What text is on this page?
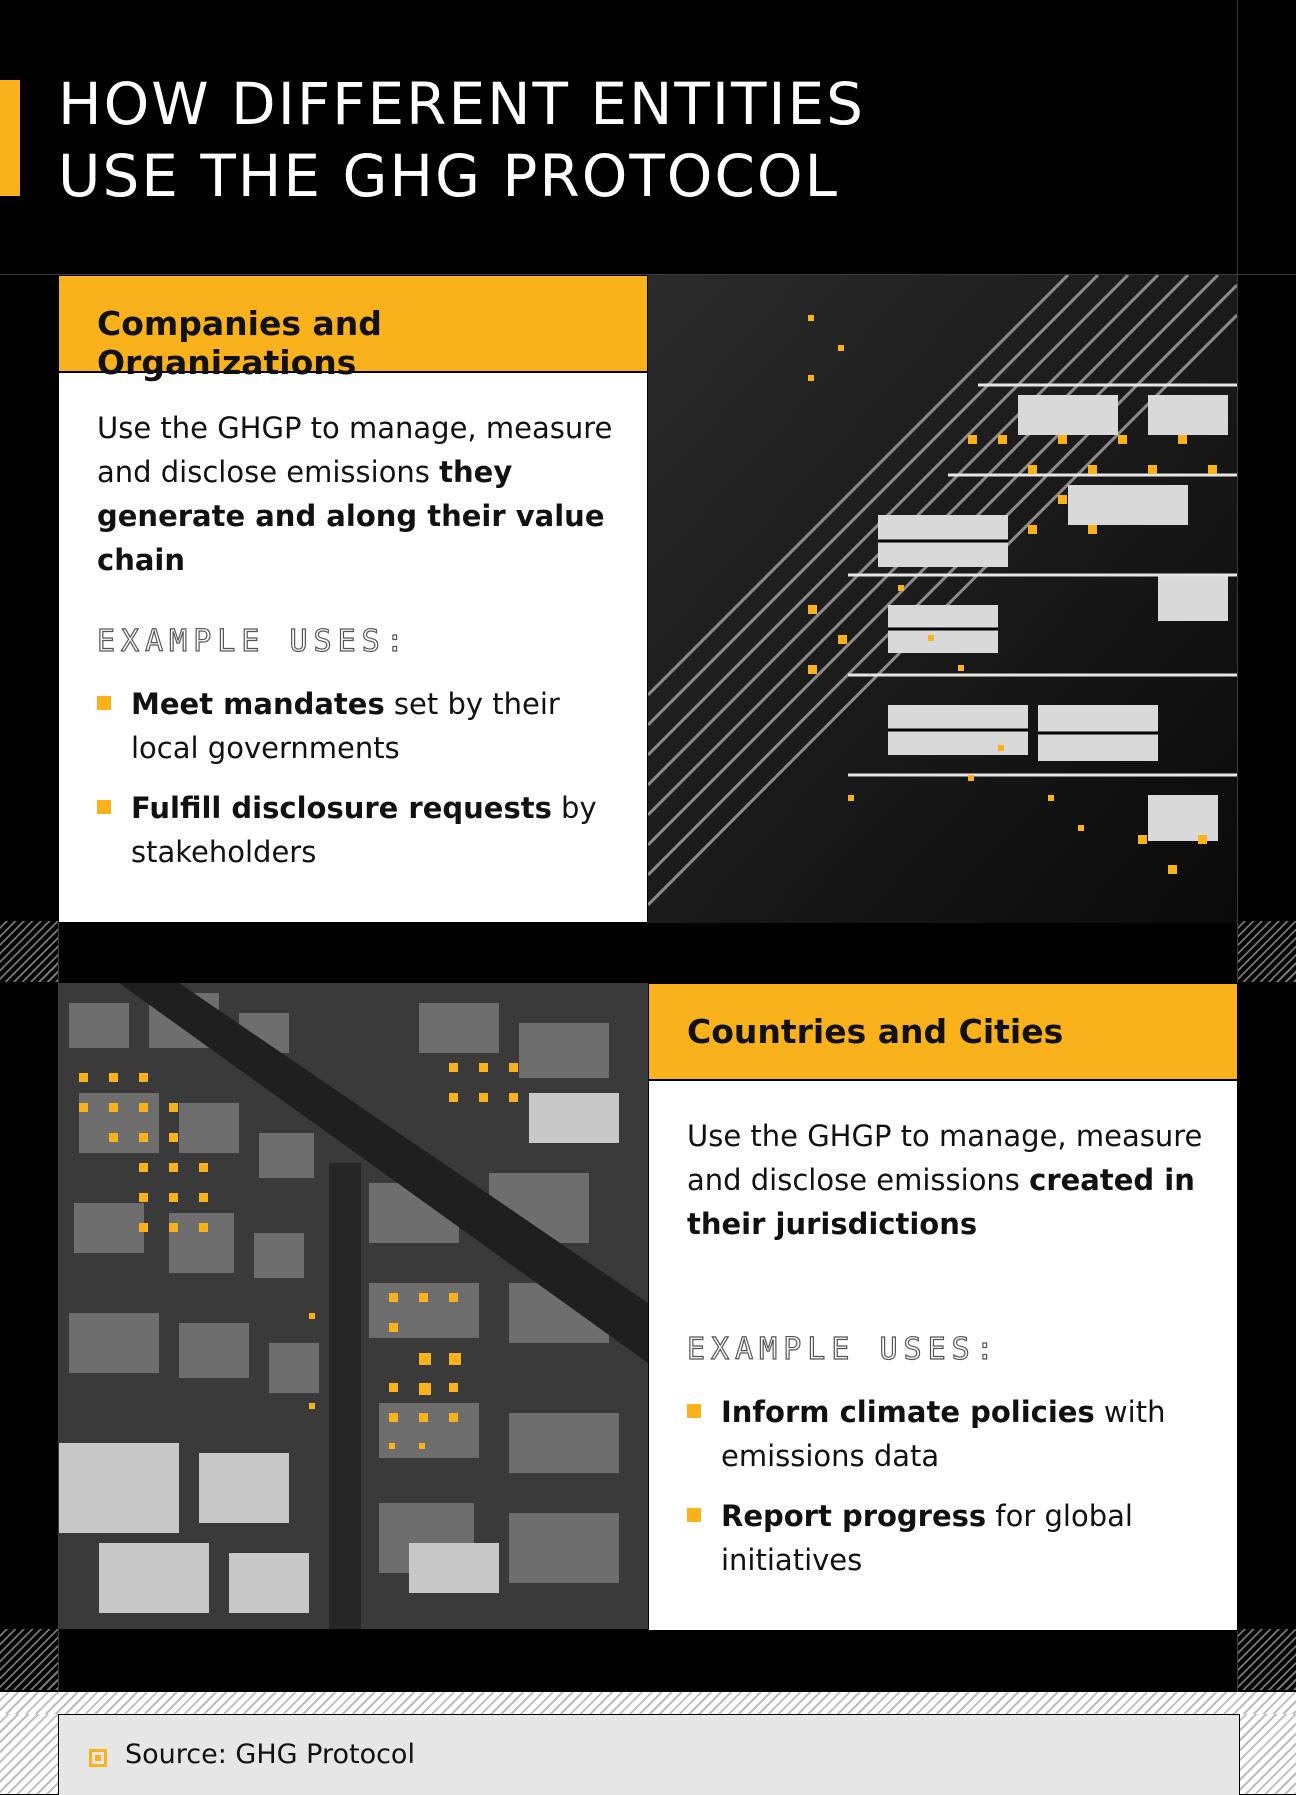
HOW DIFFERENT ENTITIES
USE THE GHG PROTOCOL
Companies and Organizations

Use the GHGP to manage, measure and disclose emissions they generate and along their value chain

EXAMPLE USES:
Meet mandates set by their local governments
Fulfill disclosure requests by stakeholders
Countries and Cities

Use the GHGP to manage, measure and disclose emissions created in their jurisdictions

EXAMPLE USES:
Inform climate policies with emissions data
Report progress for global initiatives
Source: GHG Protocol
